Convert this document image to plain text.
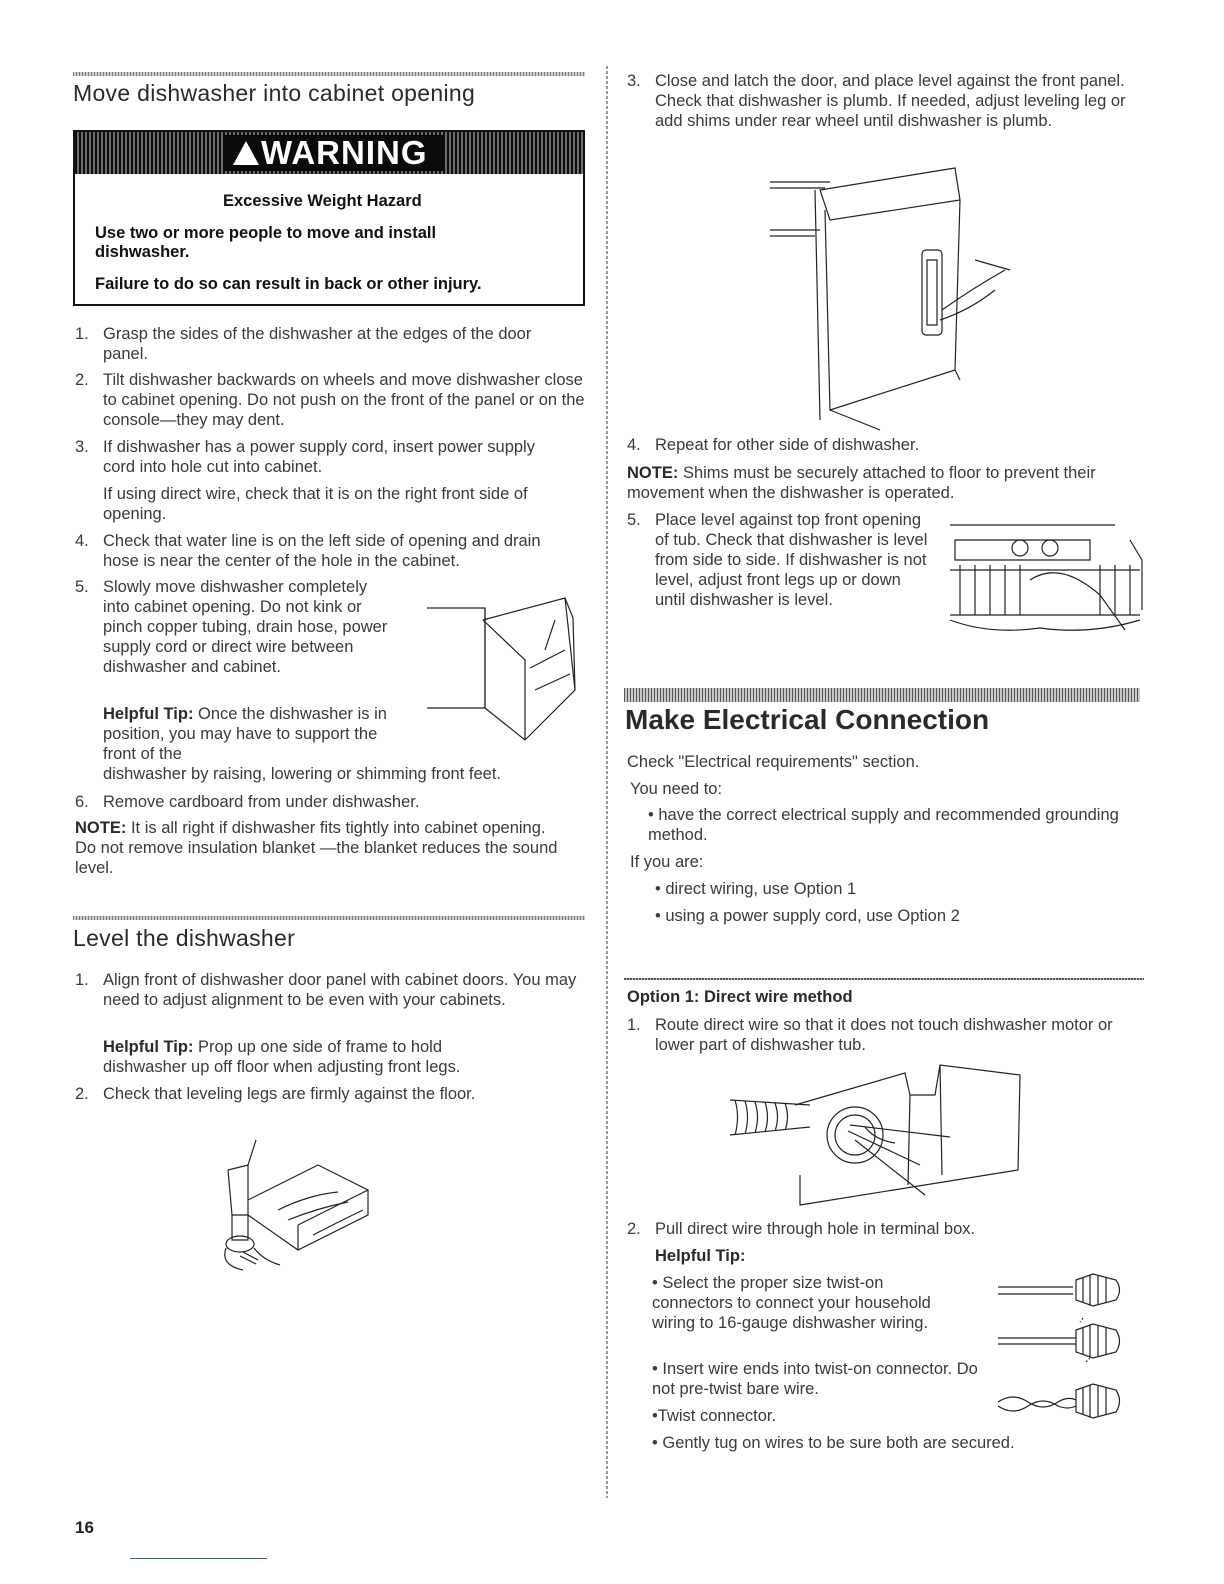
Move dishwasher into cabinet opening
WARNING
Excessive Weight Hazard
Use two or more people to move and install
dishwasher.
Failure to do so can result in back or other injury.
1. Grasp the sides of the dishwasher at the edges of the door panel.
2. Tilt dishwasher backwards on wheels and move dishwasher close to cabinet opening. Do not push on the front of the panel or on the console—they may dent.
3. If dishwasher has a power supply cord, insert power supply cord into hole cut into cabinet.
If using direct wire, check that it is on the right front side of opening.
4. Check that water line is on the left side of opening and drain hose is near the center of the hole in the cabinet.
5. Slowly move dishwasher completely into cabinet opening. Do not kink or pinch copper tubing, drain hose, power supply cord or direct wire between dishwasher and cabinet.
Helpful Tip: Once the dishwasher is in position, you may have to support the front of the
dishwasher by raising, lowering or shimming front feet.
6. Remove cardboard from under dishwasher.
NOTE: It is all right if dishwasher fits tightly into cabinet opening. Do not remove insulation blanket —the blanket reduces the sound level.
Level the dishwasher
1. Align front of dishwasher door panel with cabinet doors. You may need to adjust alignment to be even with your cabinets.
Helpful Tip: Prop up one side of frame to hold dishwasher up off floor when adjusting front legs.
2. Check that leveling legs are firmly against the floor.
16
3. Close and latch the door, and place level against the front panel. Check that dishwasher is plumb. If needed, adjust leveling leg or add shims under rear wheel until dishwasher is plumb.
4. Repeat for other side of dishwasher.
NOTE: Shims must be securely attached to floor to prevent their movement when the dishwasher is operated.
5. Place level against top front opening of tub. Check that dishwasher is level from side to side. If dishwasher is not level, adjust front legs up or down until dishwasher is level.
Make Electrical Connection
Check "Electrical requirements" section.
You need to:
• have the correct electrical supply and recommended grounding method.
If you are:
• direct wiring, use Option 1
• using a power supply cord, use Option 2
Option 1: Direct wire method
1. Route direct wire so that it does not touch dishwasher motor or lower part of dishwasher tub.
2. Pull direct wire through hole in terminal box.
Helpful Tip:
• Select the proper size twist-on connectors to connect your household wiring to 16-gauge dishwasher wiring.
• Insert wire ends into twist-on connector. Do not pre-twist bare wire.
•Twist connector.
• Gently tug on wires to be sure both are secured.
